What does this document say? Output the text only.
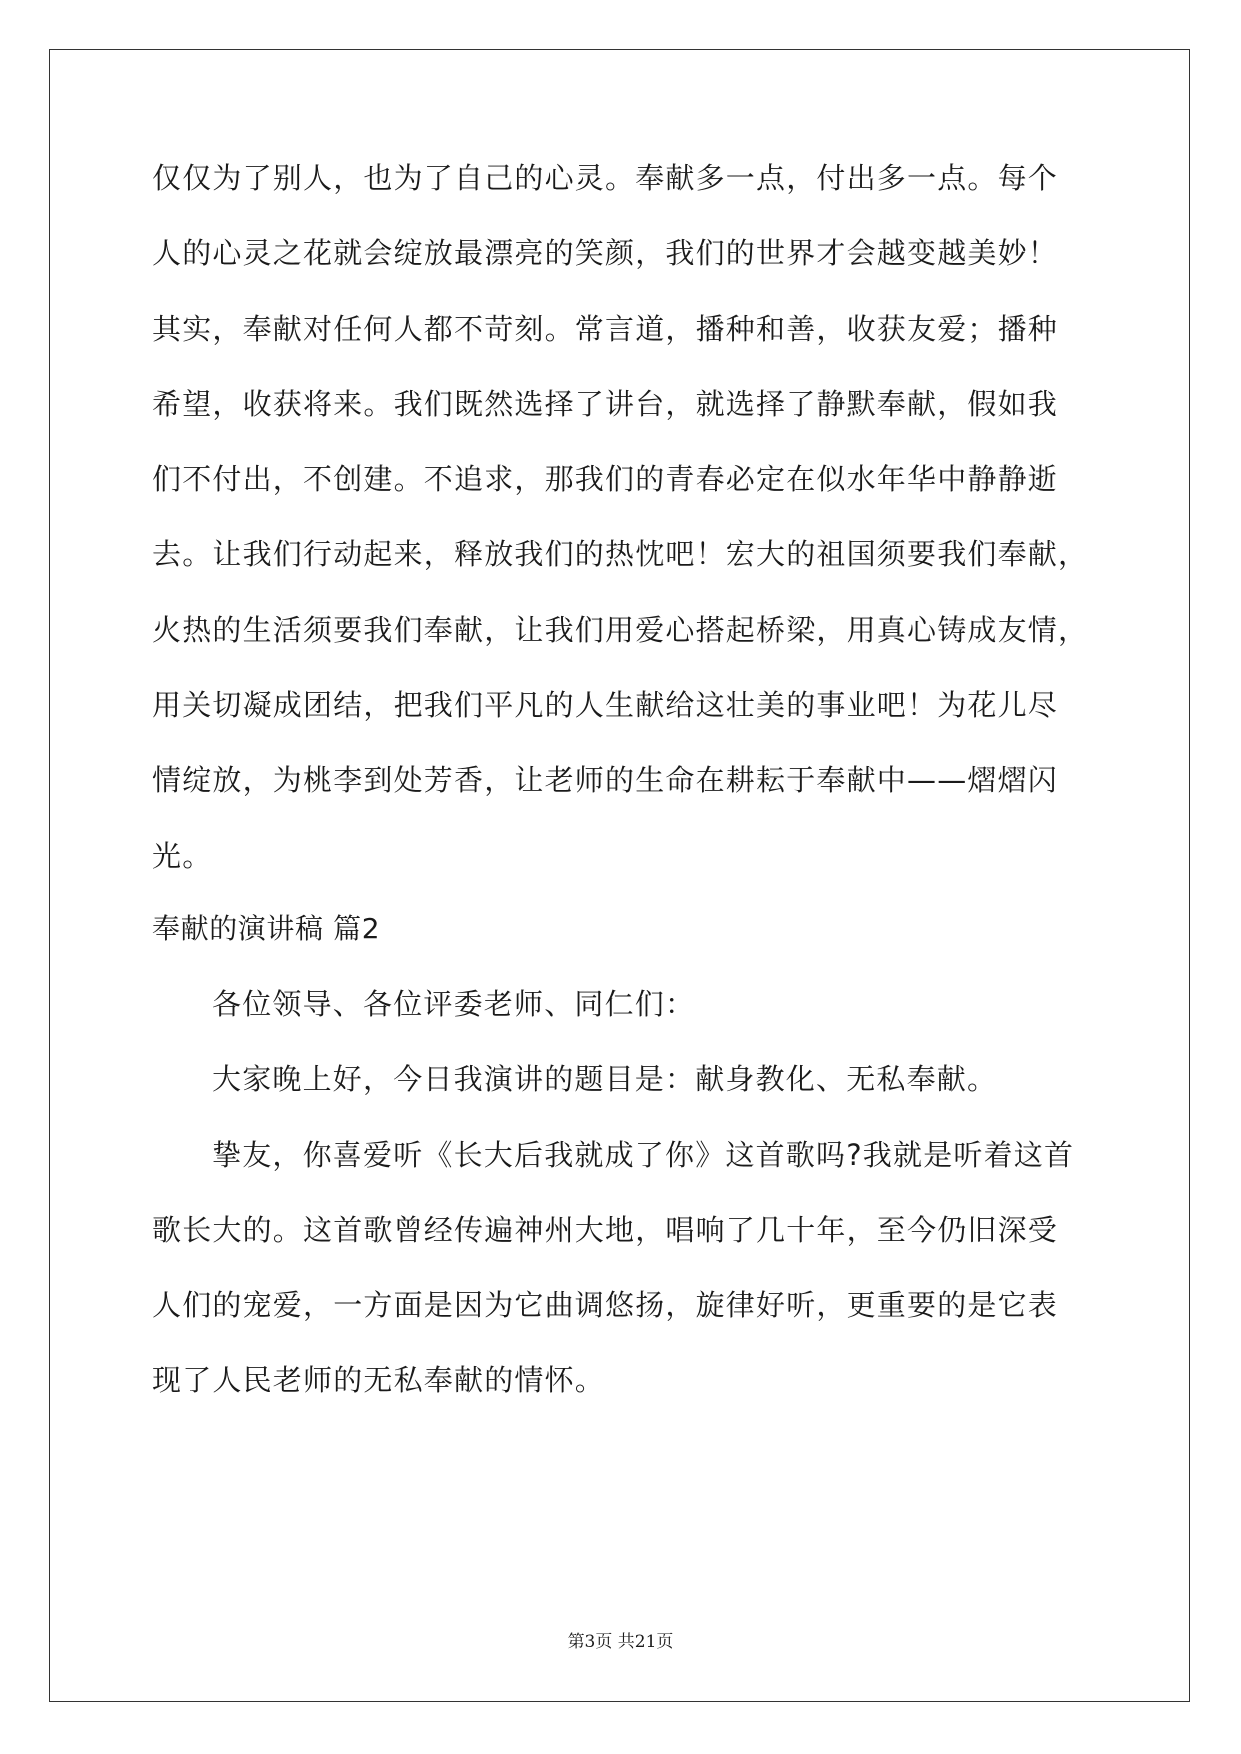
仅仅为了别人，也为了自己的心灵。奉献多一点，付出多一点。每个
人的心灵之花就会绽放最漂亮的笑颜，我们的世界才会越变越美妙！
其实，奉献对任何人都不苛刻。常言道，播种和善，收获友爱；播种
希望，收获将来。我们既然选择了讲台，就选择了静默奉献，假如我
们不付出，不创建。不追求，那我们的青春必定在似水年华中静静逝
去。让我们行动起来，释放我们的热忱吧！宏大的祖国须要我们奉献，
火热的生活须要我们奉献，让我们用爱心搭起桥梁，用真心铸成友情，
用关切凝成团结，把我们平凡的人生献给这壮美的事业吧！为花儿尽
情绽放，为桃李到处芳香，让老师的生命在耕耘于奉献中——熠熠闪
光。
奉献的演讲稿 篇2
各位领导、各位评委老师、同仁们：
大家晚上好，今日我演讲的题目是：献身教化、无私奉献。
挚友，你喜爱听《长大后我就成了你》这首歌吗?我就是听着这首
歌长大的。这首歌曾经传遍神州大地，唱响了几十年，至今仍旧深受
人们的宠爱，一方面是因为它曲调悠扬，旋律好听，更重要的是它表
现了人民老师的无私奉献的情怀。
第3页 共21页
